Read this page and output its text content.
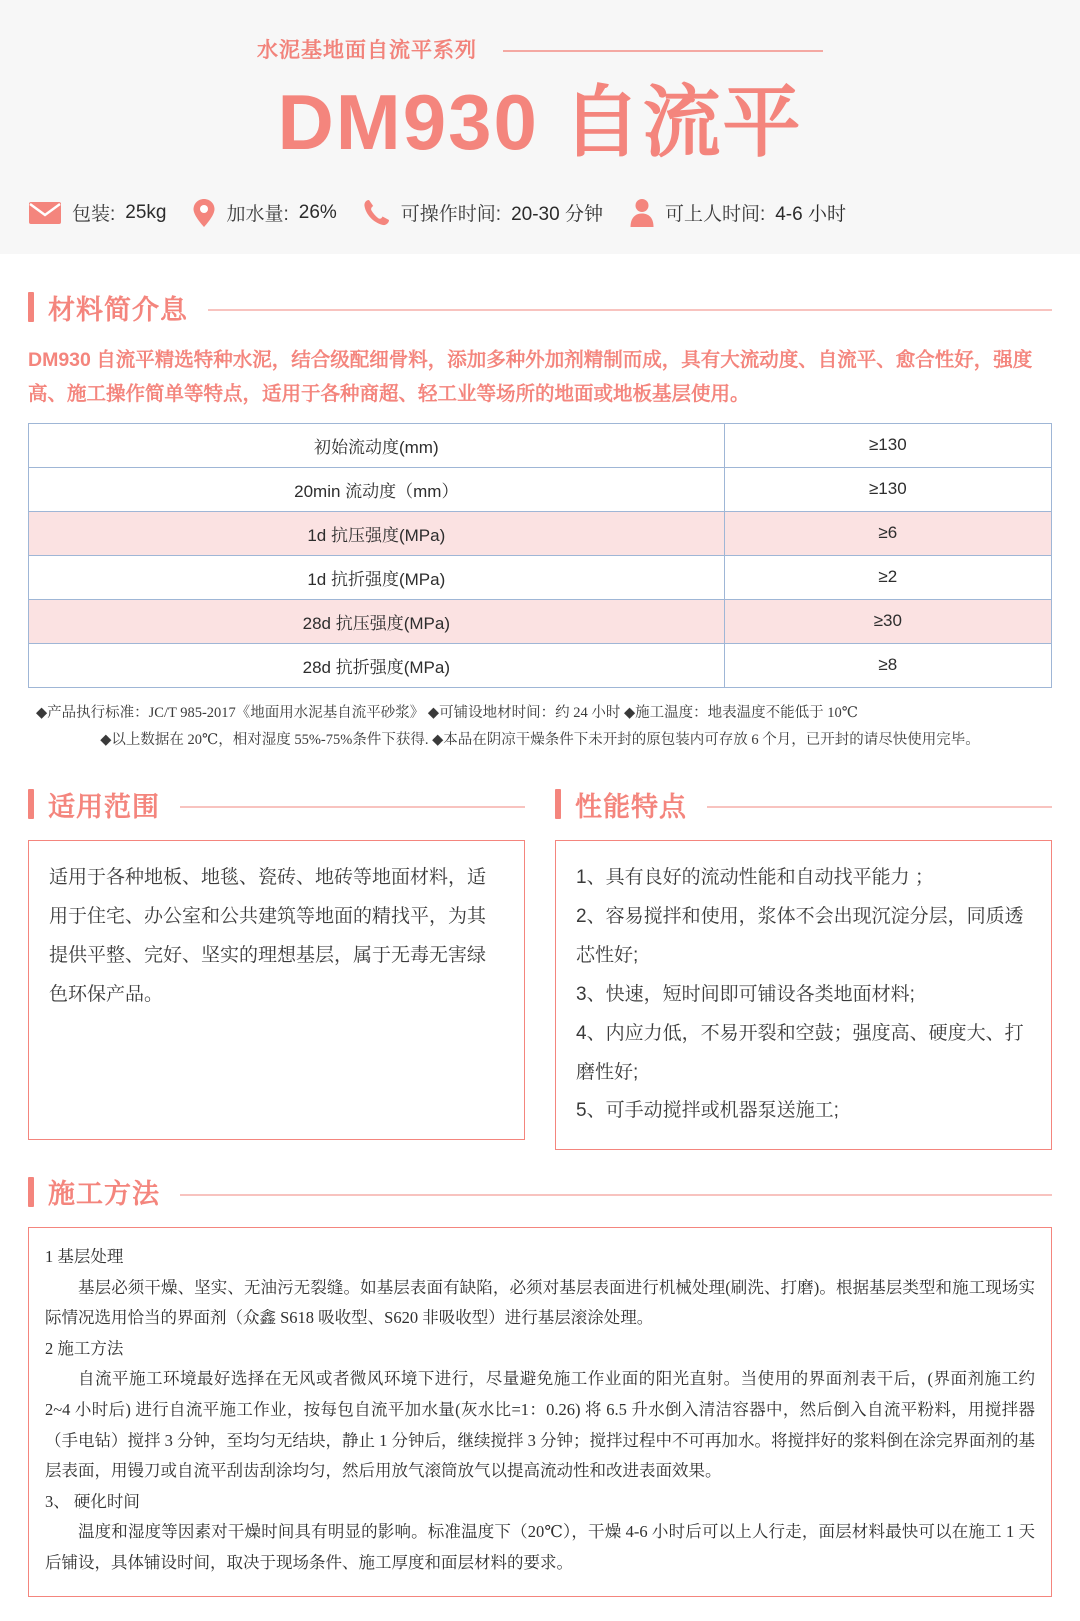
水泥基地面自流平系列
DM930 自流平
包装: 25kg	加水量: 26%	可操作时间: 20-30 分钟	可上人时间: 4-6 小时
材料简介息
DM930 自流平精选特种水泥，结合级配细骨料，添加多种外加剂精制而成，具有大流动度、自流平、愈合性好，强度高、施工操作简单等特点，适用于各种商超、轻工业等场所的地面或地板基层使用。
初始流动度(mm)	≥130
20min 流动度（mm）	≥130
1d 抗压强度(MPa)	≥6
1d 抗折强度(MPa)	≥2
28d 抗压强度(MPa)	≥30
28d 抗折强度(MPa)	≥8
◆产品执行标准：JC/T 985-2017《地面用水泥基自流平砂浆》 ◆可铺设地材时间：约 24 小时 ◆施工温度：地表温度不能低于 10℃
◆以上数据在 20℃，相对湿度 55%-75%条件下获得. ◆本品在阴凉干燥条件下未开封的原包装内可存放 6 个月，已开封的请尽快使用完毕。
适用范围

适用于各种地板、地毯、瓷砖、地砖等地面材料，适用于住宅、办公室和公共建筑等地面的精找平，为其提供平整、完好、坚实的理想基层，属于无毒无害绿色环保产品。

性能特点

1、具有良好的流动性能和自动找平能力 ；

2、容易搅拌和使用，浆体不会出现沉淀分层，同质透芯性好;

3、快速，短时间即可铺设各类地面材料;

4、内应力低，不易开裂和空鼓；强度高、硬度大、打磨性好;

5、可手动搅拌或机器泵送施工;

施工方法

1 基层处理

基层必须干燥、坚实、无油污无裂缝。如基层表面有缺陷，必须对基层表面进行机械处理(刷洗、打磨)。根据基层类型和施工现场实际情况选用恰当的界面剂（众鑫 S618 吸收型、S620 非吸收型）进行基层滚涂处理。

2 施工方法

自流平施工环境最好选择在无风或者微风环境下进行，尽量避免施工作业面的阳光直射。当使用的界面剂表干后，(界面剂施工约 2~4 小时后) 进行自流平施工作业，按每包自流平加水量(灰水比=1：0.26) 将 6.5 升水倒入清洁容器中，然后倒入自流平粉料，用搅拌器（手电钻）搅拌 3 分钟，至均匀无结块，静止 1 分钟后，继续搅拌 3 分钟；搅拌过程中不可再加水。将搅拌好的浆料倒在涂完界面剂的基层表面，用镘刀或自流平刮齿刮涂均匀，然后用放气滚筒放气以提高流动性和改进表面效果。

3、 硬化时间

温度和湿度等因素对干燥时间具有明显的影响。标准温度下（20℃），干燥 4-6 小时后可以上人行走，面层材料最快可以在施工 1 天后铺设，具体铺设时间，取决于现场条件、施工厚度和面层材料的要求。
